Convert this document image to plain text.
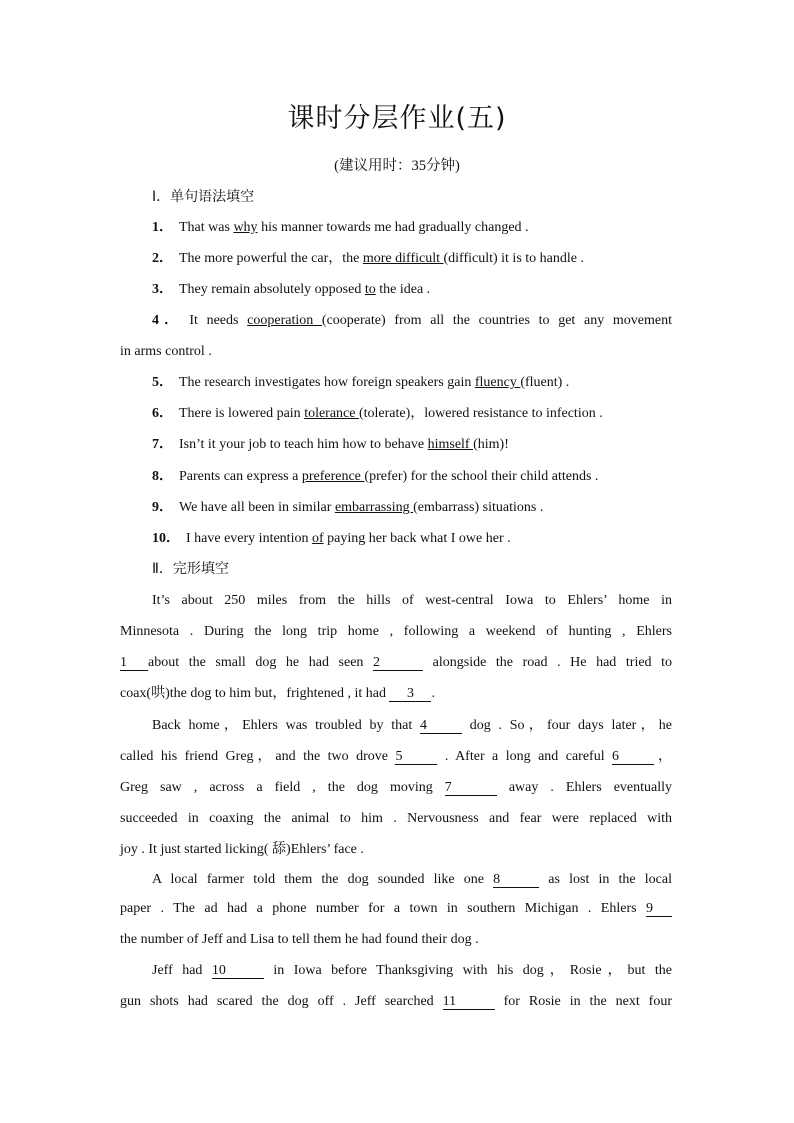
课时分层作业(五)
(建议用时：35分钟)
Ⅰ．单句语法填空
1． That was why his manner towards me had gradually changed .
2． The more powerful the car，the more difficult (difficult) it is to handle .
3． They remain absolutely opposed to the idea .
4． It needs cooperation (cooperate) from all the countries to get any movement
in arms control .
5． The research investigates how foreign speakers gain fluency (fluent) .
6． There is lowered pain tolerance (tolerate)，lowered resistance to infection .
7． Isn’t it your job to teach him how to behave himself (him)!
8． Parents can express a preference (prefer) for the school their child attends .
9． We have all been in similar embarrassing (embarrass) situations .
10． I have every intention of paying her back what I owe her .
Ⅱ．完形填空
It’s about 250 miles from the hills of west-central Iowa to Ehlers’ home in
Minnesota . During the long trip home , following a weekend of hunting , Ehlers
1 about the small dog he had seen 2	alongside the road . He had tried to
coax(哄)the dog to him but，frightened , it had 3 .
Back home，Ehlers was troubled by that 4	dog . So，four days later，he
called his friend Greg，and the two drove 5	. After a long and careful 6	，
Greg saw , across a field , the dog moving 7	away . Ehlers eventually
succeeded in coaxing the animal to him . Nervousness and fear were replaced with
joy . It just started licking( 舔)Ehlers’ face .
A local farmer told them the dog sounded like one 8	as lost in the local
paper . The ad had a phone number for a town in southern Michigan . Ehlers 9
the number of Jeff and Lisa to tell them he had found their dog .
Jeff had 10	in Iowa before Thanksgiving with his dog，Rosie，but the
gun shots had scared the dog off . Jeff searched 11	for Rosie in the next four
